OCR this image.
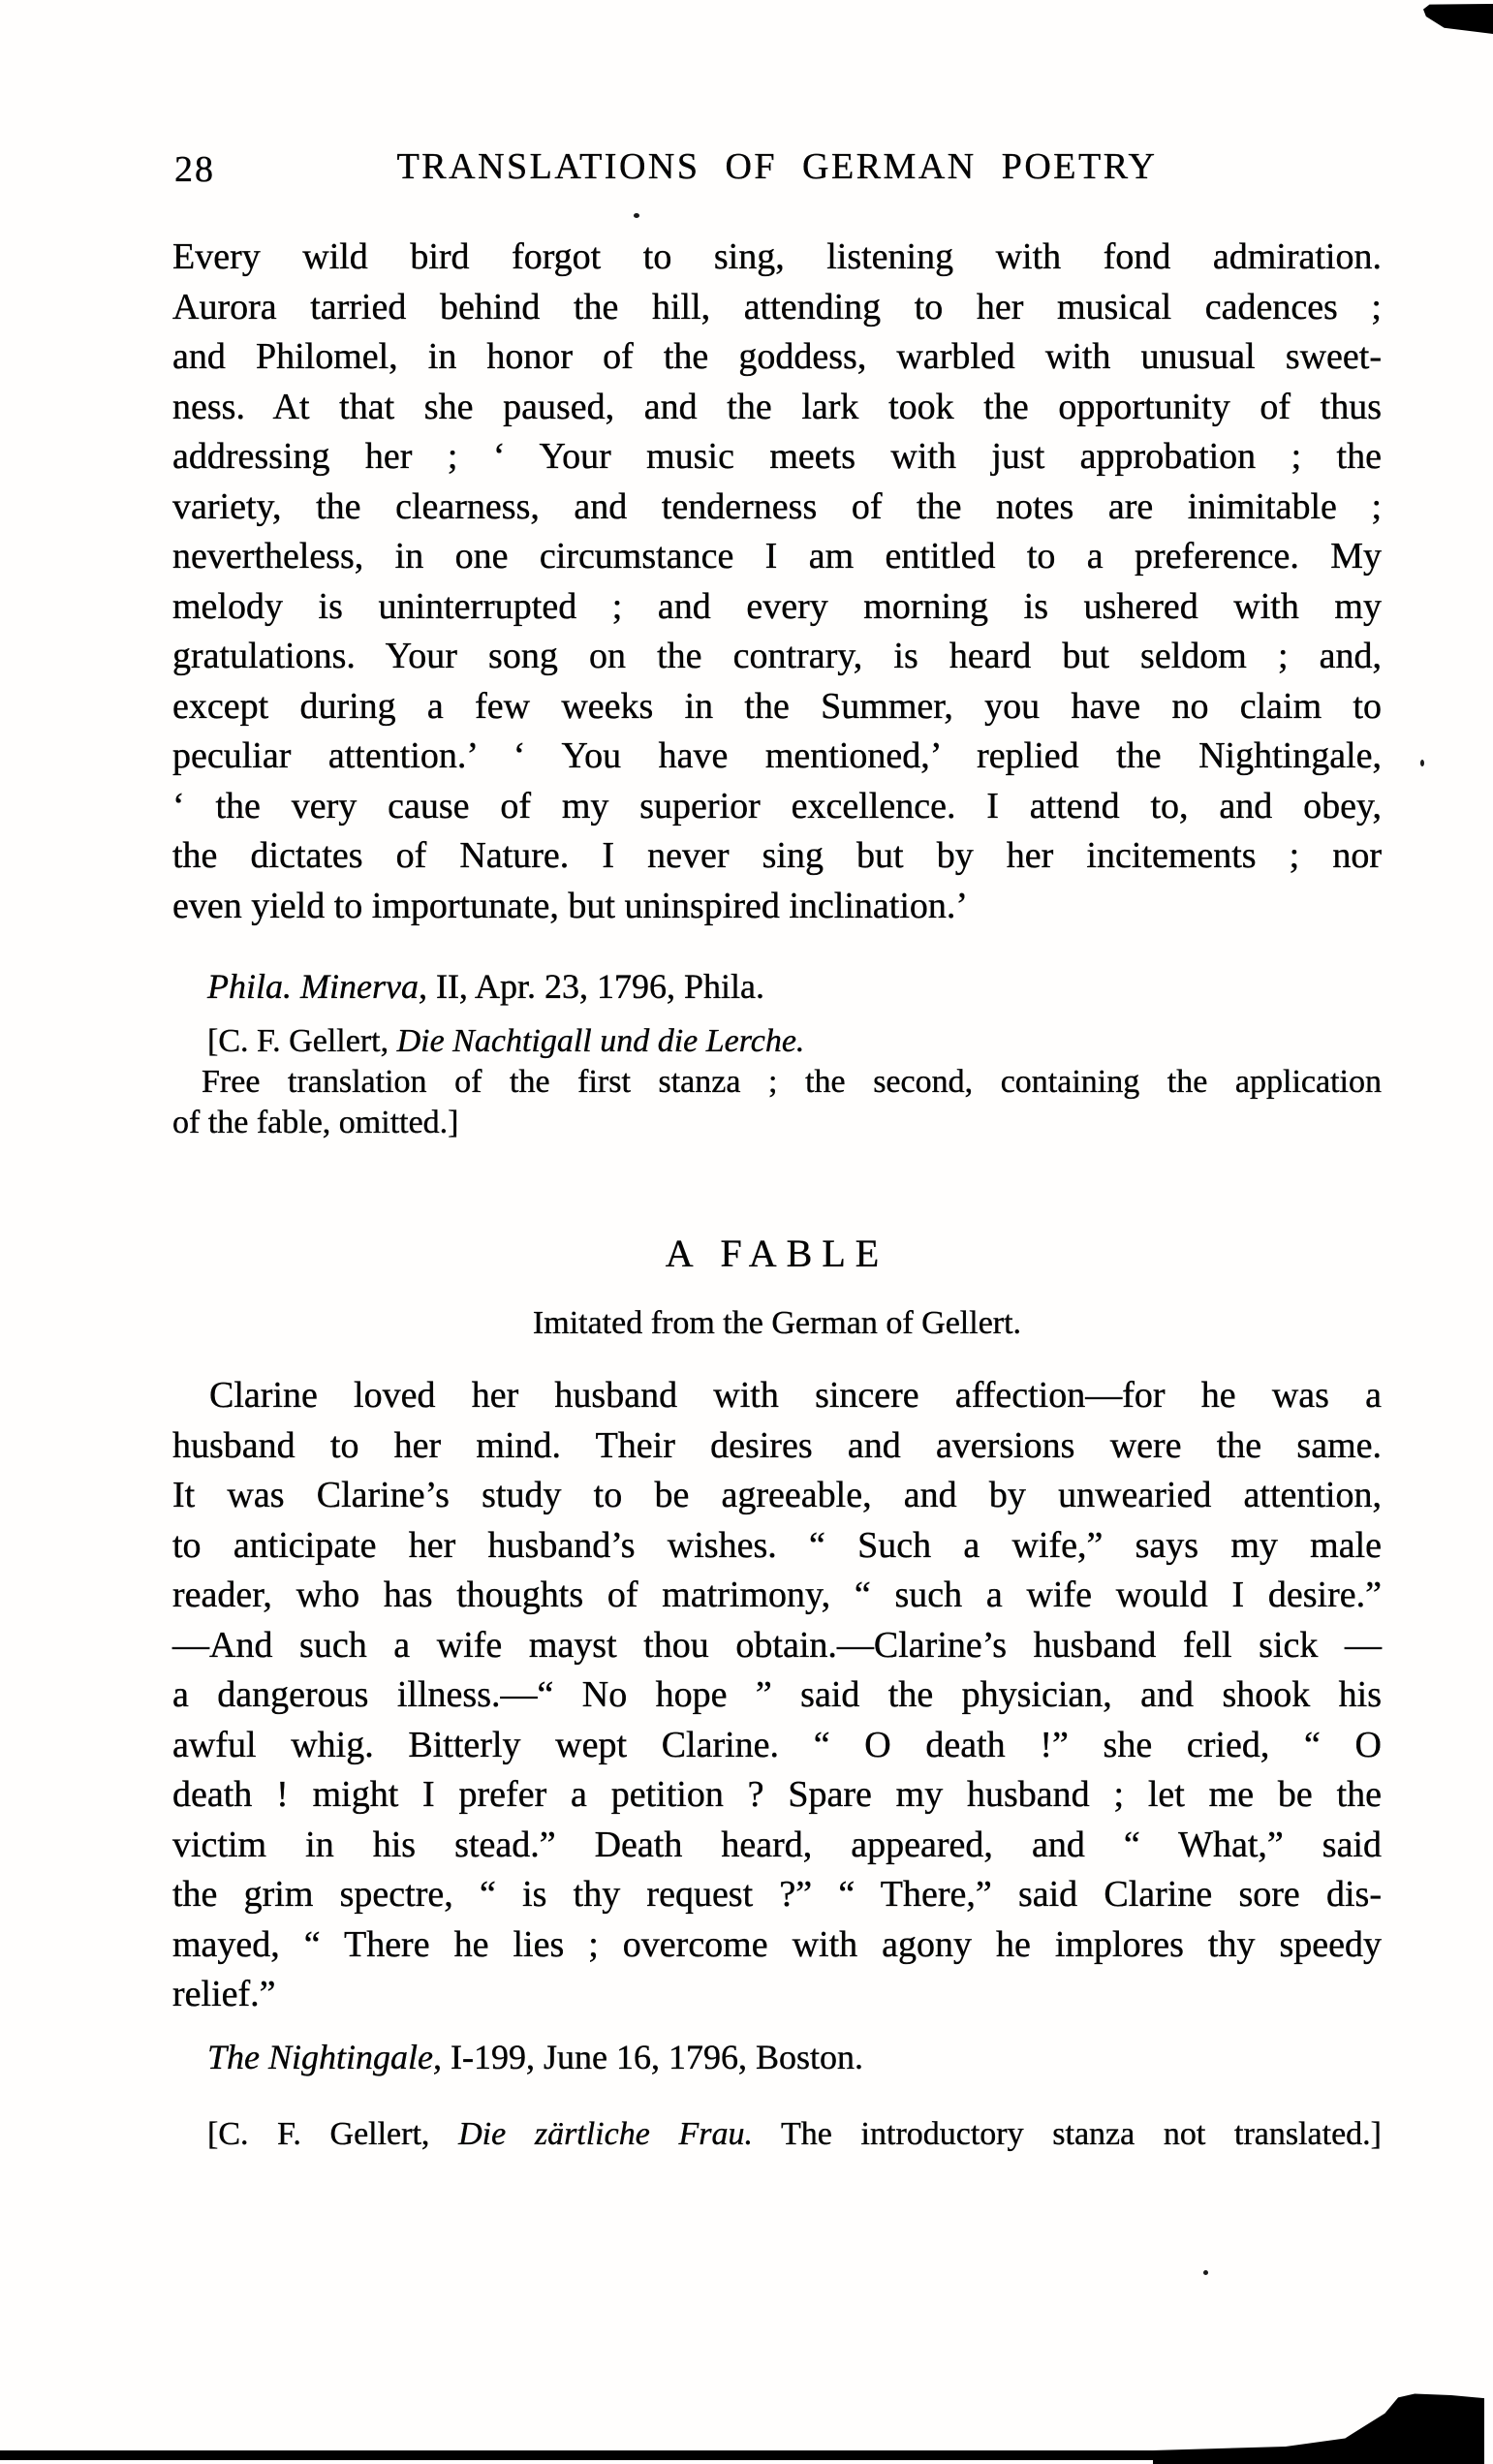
28	TRANSLATIONS OF GERMAN POETRY
Every wild bird forgot to sing, listening with fond admiration.
Aurora tarried behind the hill, attending to her musical cadences ;
and Philomel, in honor of the goddess, warbled with unusual sweet-
ness. At that she paused, and the lark took the opportunity of thus
addressing her ; ‘ Your music meets with just approbation ; the
variety, the clearness, and tenderness of the notes are inimitable ;
nevertheless, in one circumstance I am entitled to a preference. My
melody is uninterrupted ; and every morning is ushered with my
gratulations. Your song on the contrary, is heard but seldom ; and,
except during a few weeks in the Summer, you have no claim to
peculiar attention.’ ‘ You have mentioned,’ replied the Nightingale,
‘ the very cause of my superior excellence. I attend to, and obey,
the dictates of Nature. I never sing but by her incitements ; nor
even yield to importunate, but uninspired inclination.’
Phila. Minerva, II, Apr. 23, 1796, Phila.
[C. F. Gellert, Die Nachtigall und die Lerche.
Free translation of the first stanza ; the second, containing the application
of the fable, omitted.]
A FABLE
Imitated from the German of Gellert.
Clarine loved her husband with sincere affection—for he was a
husband to her mind. Their desires and aversions were the same.
It was Clarine’s study to be agreeable, and by unwearied attention,
to anticipate her husband’s wishes. “ Such a wife,” says my male
reader, who has thoughts of matrimony, “ such a wife would I desire.”
—And such a wife mayst thou obtain.—Clarine’s husband fell sick —
a dangerous illness.—“ No hope ” said the physician, and shook his
awful whig. Bitterly wept Clarine. “ O death !” she cried, “ O
death ! might I prefer a petition ? Spare my husband ; let me be the
victim in his stead.” Death heard, appeared, and “ What,” said
the grim spectre, “ is thy request ?” “ There,” said Clarine sore dis-
mayed, “ There he lies ; overcome with agony he implores thy speedy
relief.”
The Nightingale, I-199, June 16, 1796, Boston.
[C. F. Gellert, Die zärtliche Frau. The introductory stanza not translated.]
